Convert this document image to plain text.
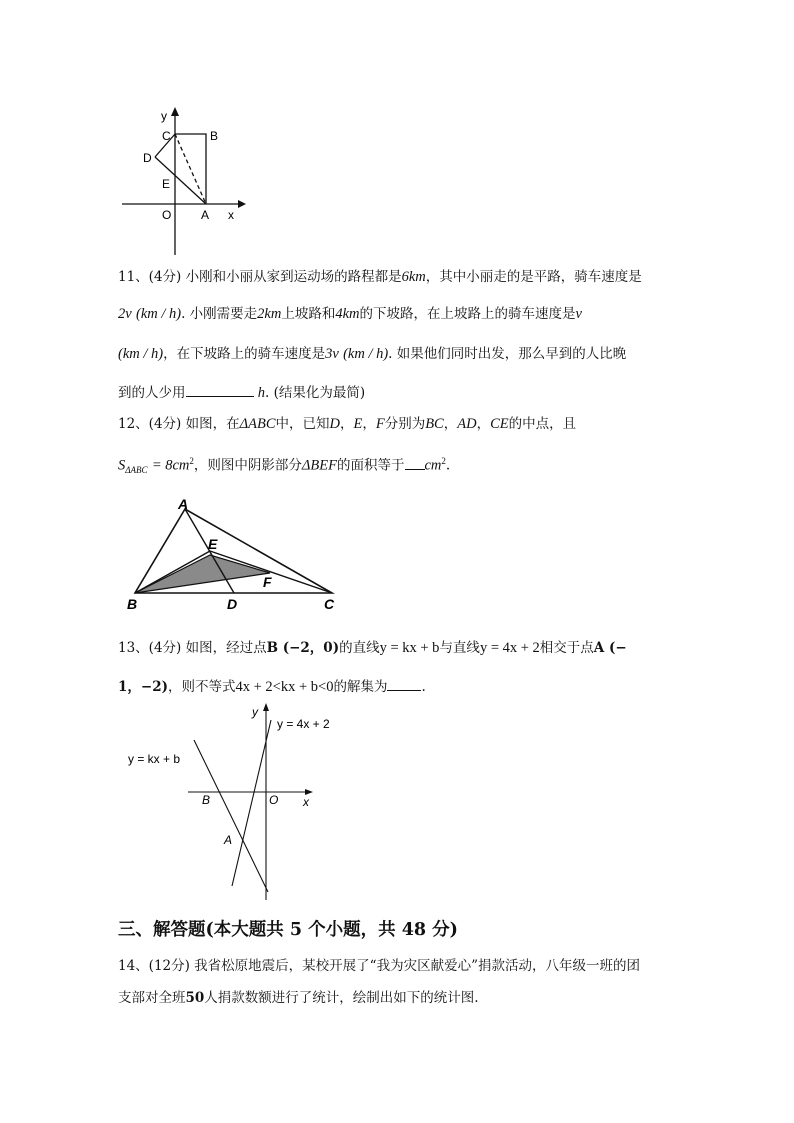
y
x
C	B
D
E
O A
11、(4分) 小刚和小丽从家到运动场的路程都是6km，其中小丽走的是平路，骑车速度是
2v (km / h). 小刚需要走2km上坡路和4km的下坡路，在上坡路上的骑车速度是v
(km / h)，在下坡路上的骑车速度是3v (km / h). 如果他们同时出发，那么早到的人比晚
到的人少用	h. (结果化为最简)
12、(4分) 如图，在ΔABC中，已知D，E，F分别为BC，AD，CE的中点，且
$S_{\Delta ABC} = 8cm^2$，则图中阴影部分ΔBEF的面积等于 $cm^2$.
A
E
F
B	D	C
13、(4分) 如图，经过点B (−2，0)的直线y = kx + b与直线y = 4x + 2相交于点A (−
1，−2)，则不等式4x + 2<kx + b<0的解集为	.
y
y = 4x + 2
y = kx + b
B	O x
A
三、解答题(本大题共 5 个小题，共 48 分)
14、(12分) 我省松原地震后，某校开展了“我为灾区献爱心”捐款活动，八年级一班的团
支部对全班50人捐款数额进行了统计，绘制出如下的统计图.
